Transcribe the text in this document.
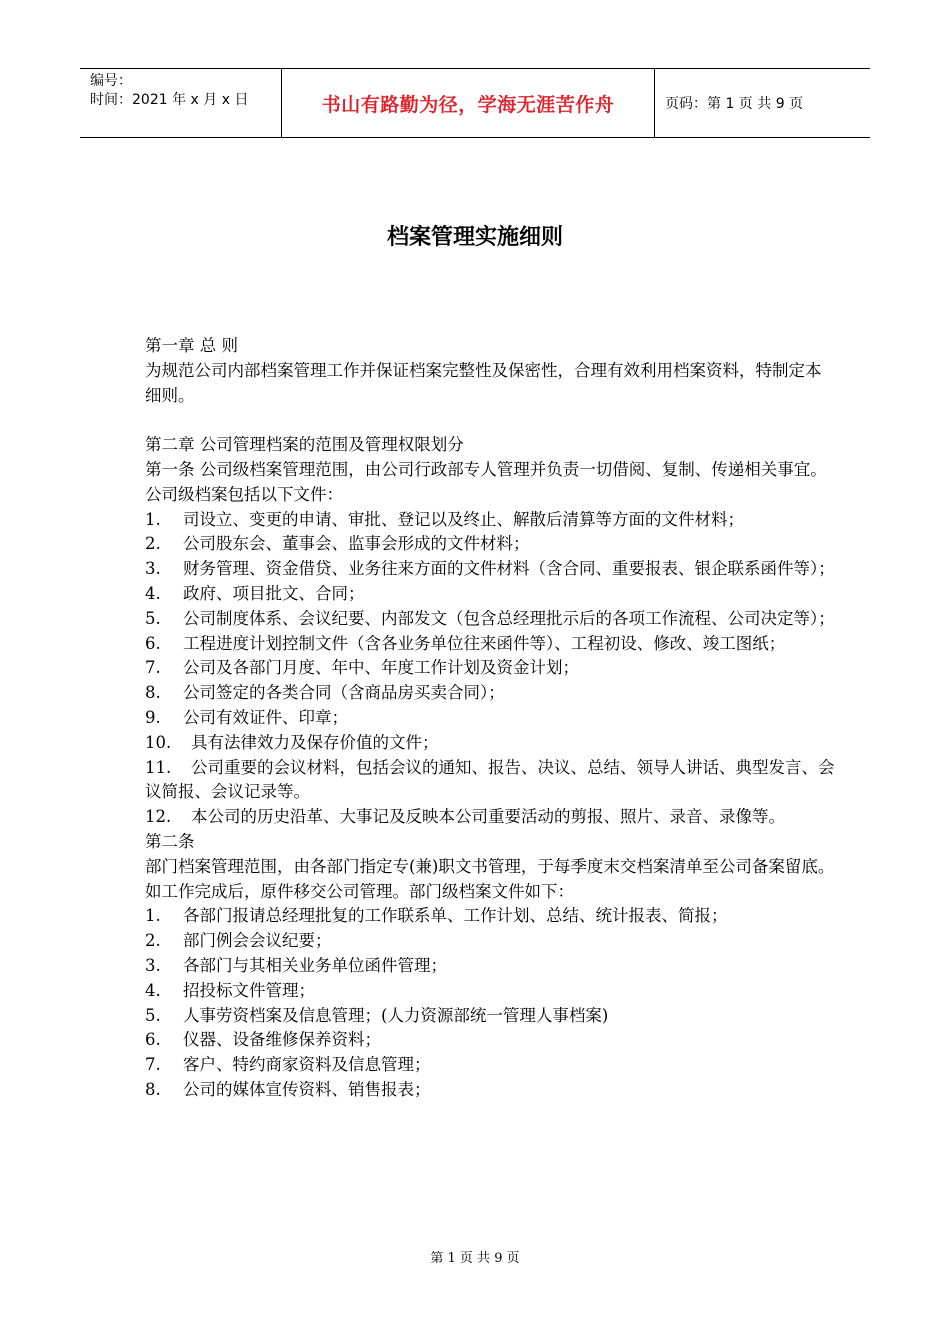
编号：
时间：2021 年 x 月 x 日	书山有路勤为径，学海无涯苦作舟	页码：第 1 页 共 9 页
档案管理实施细则

第一章 总 则

为规范公司内部档案管理工作并保证档案完整性及保密性，合理有效利用档案资料，特制定本细则。

第二章 公司管理档案的范围及管理权限划分

第一条 公司级档案管理范围，由公司行政部专人管理并负责一切借阅、复制、传递相关事宜。公司级档案包括以下文件：

1. 司设立、变更的申请、审批、登记以及终止、解散后清算等方面的文件材料；

2. 公司股东会、董事会、监事会形成的文件材料；

3. 财务管理、资金借贷、业务往来方面的文件材料（含合同、重要报表、银企联系函件等）；

4. 政府、项目批文、合同；

5. 公司制度体系、会议纪要、内部发文（包含总经理批示后的各项工作流程、公司决定等）；

6. 工程进度计划控制文件（含各业务单位往来函件等）、工程初设、修改、竣工图纸；

7. 公司及各部门月度、年中、年度工作计划及资金计划；

8. 公司签定的各类合同（含商品房买卖合同）；

9. 公司有效证件、印章；

10. 具有法律效力及保存价值的文件；

11. 公司重要的会议材料，包括会议的通知、报告、决议、总结、领导人讲话、典型发言、会议简报、会议记录等。

12. 本公司的历史沿革、大事记及反映本公司重要活动的剪报、照片、录音、录像等。

第二条

部门档案管理范围，由各部门指定专(兼)职文书管理，于每季度末交档案清单至公司备案留底。如工作完成后，原件移交公司管理。部门级档案文件如下：

1. 各部门报请总经理批复的工作联系单、工作计划、总结、统计报表、简报；

2. 部门例会会议纪要；

3. 各部门与其相关业务单位函件管理；

4. 招投标文件管理；

5. 人事劳资档案及信息管理；(人力资源部统一管理人事档案)

6. 仪器、设备维修保养资料；

7. 客户、特约商家资料及信息管理；

8. 公司的媒体宣传资料、销售报表；

第 1 页 共 9 页
